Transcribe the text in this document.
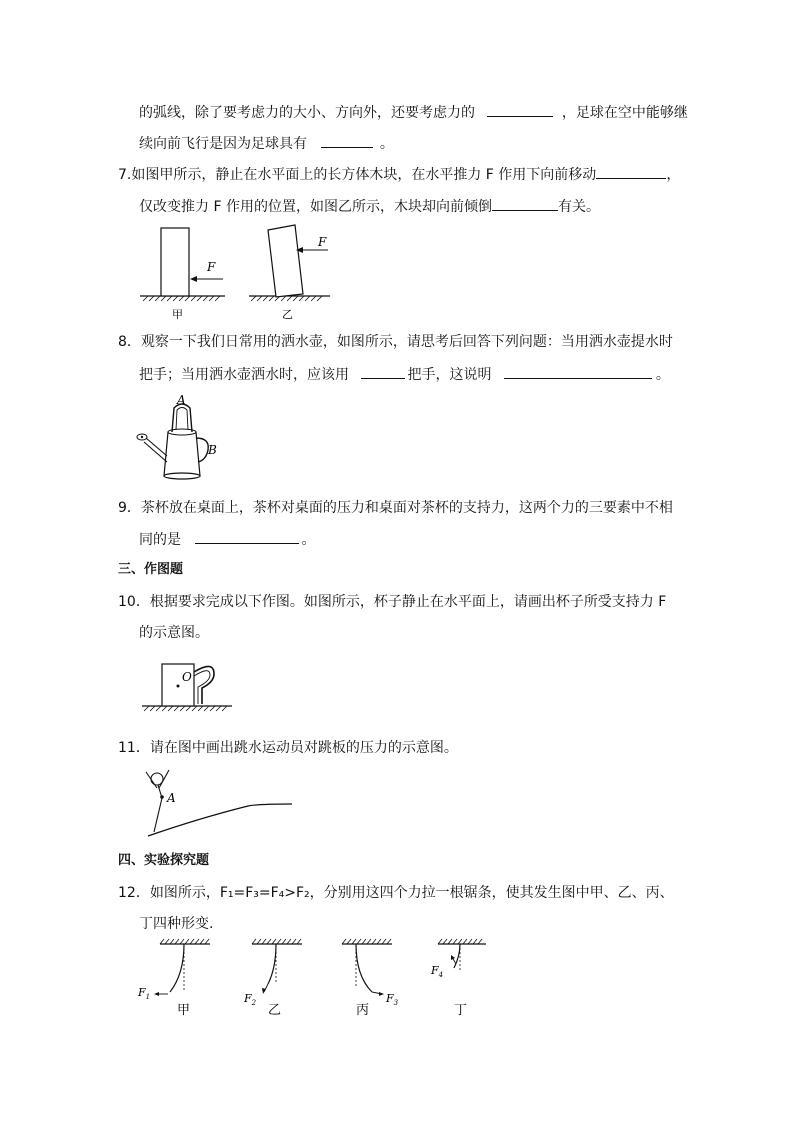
的弧线，除了要考虑力的大小、方向外，还要考虑力的	，足球在空中能够继
续向前飞行是因为足球具有	。
7.如图甲所示，静止在水平面上的长方体木块，在水平推力 F 作用下向前移动	，
仅改变推力 F 作用的位置，如图乙所示，木块却向前倾倒	有关。
F
甲
F
乙
8．观察一下我们日常用的洒水壶，如图所示，请思考后回答下列问题：当用洒水壶提水时
把手；当用洒水壶洒水时，应该用	把手，这说明	。
A
B
9．茶杯放在桌面上，茶杯对桌面的压力和桌面对茶杯的支持力，这两个力的三要素中不相
同的是	。
三、作图题
10．根据要求完成以下作图。如图所示，杯子静止在水平面上，请画出杯子所受支持力 F
的示意图。
O
11．请在图中画出跳水运动员对跳板的压力的示意图。
A
四、实验探究题
12．如图所示，F₁=F₃=F₄>F₂，分别用这四个力拉一根锯条，使其发生图中甲、乙、丙、
丁四种形变.
$F_1$
甲
$F_2$ 乙
$F_3$
丙
$F_4$
丁
